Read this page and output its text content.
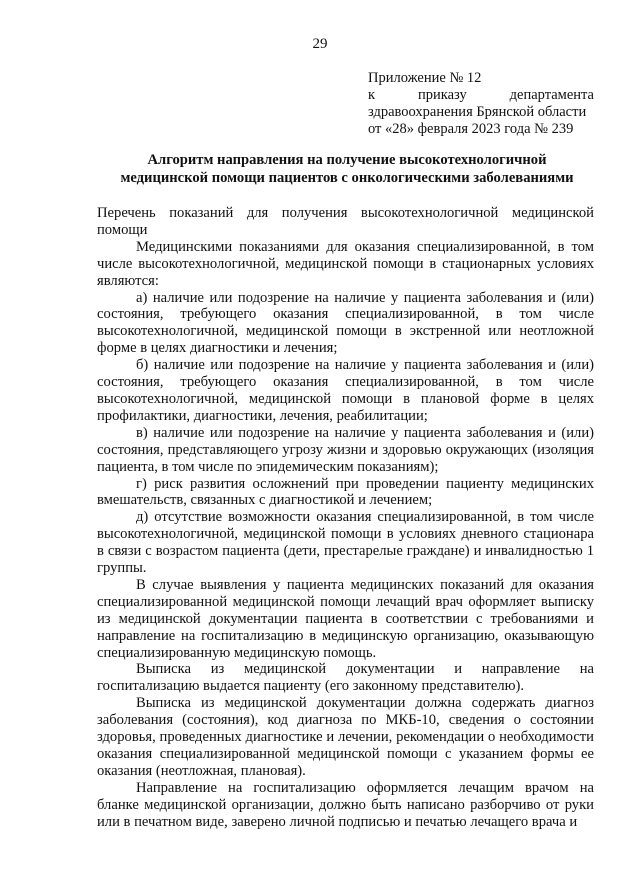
29
Приложение № 12
к приказу департамента
здравоохранения Брянской области
от «28» февраля 2023 года № 239
Алгоритм направления на получение высокотехнологичной
медицинской помощи пациентов с онкологическими заболеваниями

Перечень показаний для получения высокотехнологичной медицинской помощи

Медицинскими показаниями для оказания специализированной, в том числе высокотехнологичной, медицинской помощи в стационарных условиях являются:

а) наличие или подозрение на наличие у пациента заболевания и (или) состояния, требующего оказания специализированной, в том числе высокотехнологичной, медицинской помощи в экстренной или неотложной форме в целях диагностики и лечения;

б) наличие или подозрение на наличие у пациента заболевания и (или) состояния, требующего оказания специализированной, в том числе высокотехнологичной, медицинской помощи в плановой форме в целях профилактики, диагностики, лечения, реабилитации;

в) наличие или подозрение на наличие у пациента заболевания и (или) состояния, представляющего угрозу жизни и здоровью окружающих (изоляция пациента, в том числе по эпидемическим показаниям);

г) риск развития осложнений при проведении пациенту медицинских вмешательств, связанных с диагностикой и лечением;

д) отсутствие возможности оказания специализированной, в том числе высокотехнологичной, медицинской помощи в условиях дневного стационара в связи с возрастом пациента (дети, престарелые граждане) и инвалидностью 1 группы.

В случае выявления у пациента медицинских показаний для оказания специализированной медицинской помощи лечащий врач оформляет выписку из медицинской документации пациента в соответствии с требованиями и направление на госпитализацию в медицинскую организацию, оказывающую специализированную медицинскую помощь.

Выписка из медицинской документации и направление на госпитализацию выдается пациенту (его законному представителю).

Выписка из медицинской документации должна содержать диагноз заболевания (состояния), код диагноза по МКБ-10, сведения о состоянии здоровья, проведенных диагностике и лечении, рекомендации о необходимости оказания специализированной медицинской помощи с указанием формы ее оказания (неотложная, плановая).

Направление на госпитализацию оформляется лечащим врачом на бланке медицинской организации, должно быть написано разборчиво от руки или в печатном виде, заверено личной подписью и печатью лечащего врача и
